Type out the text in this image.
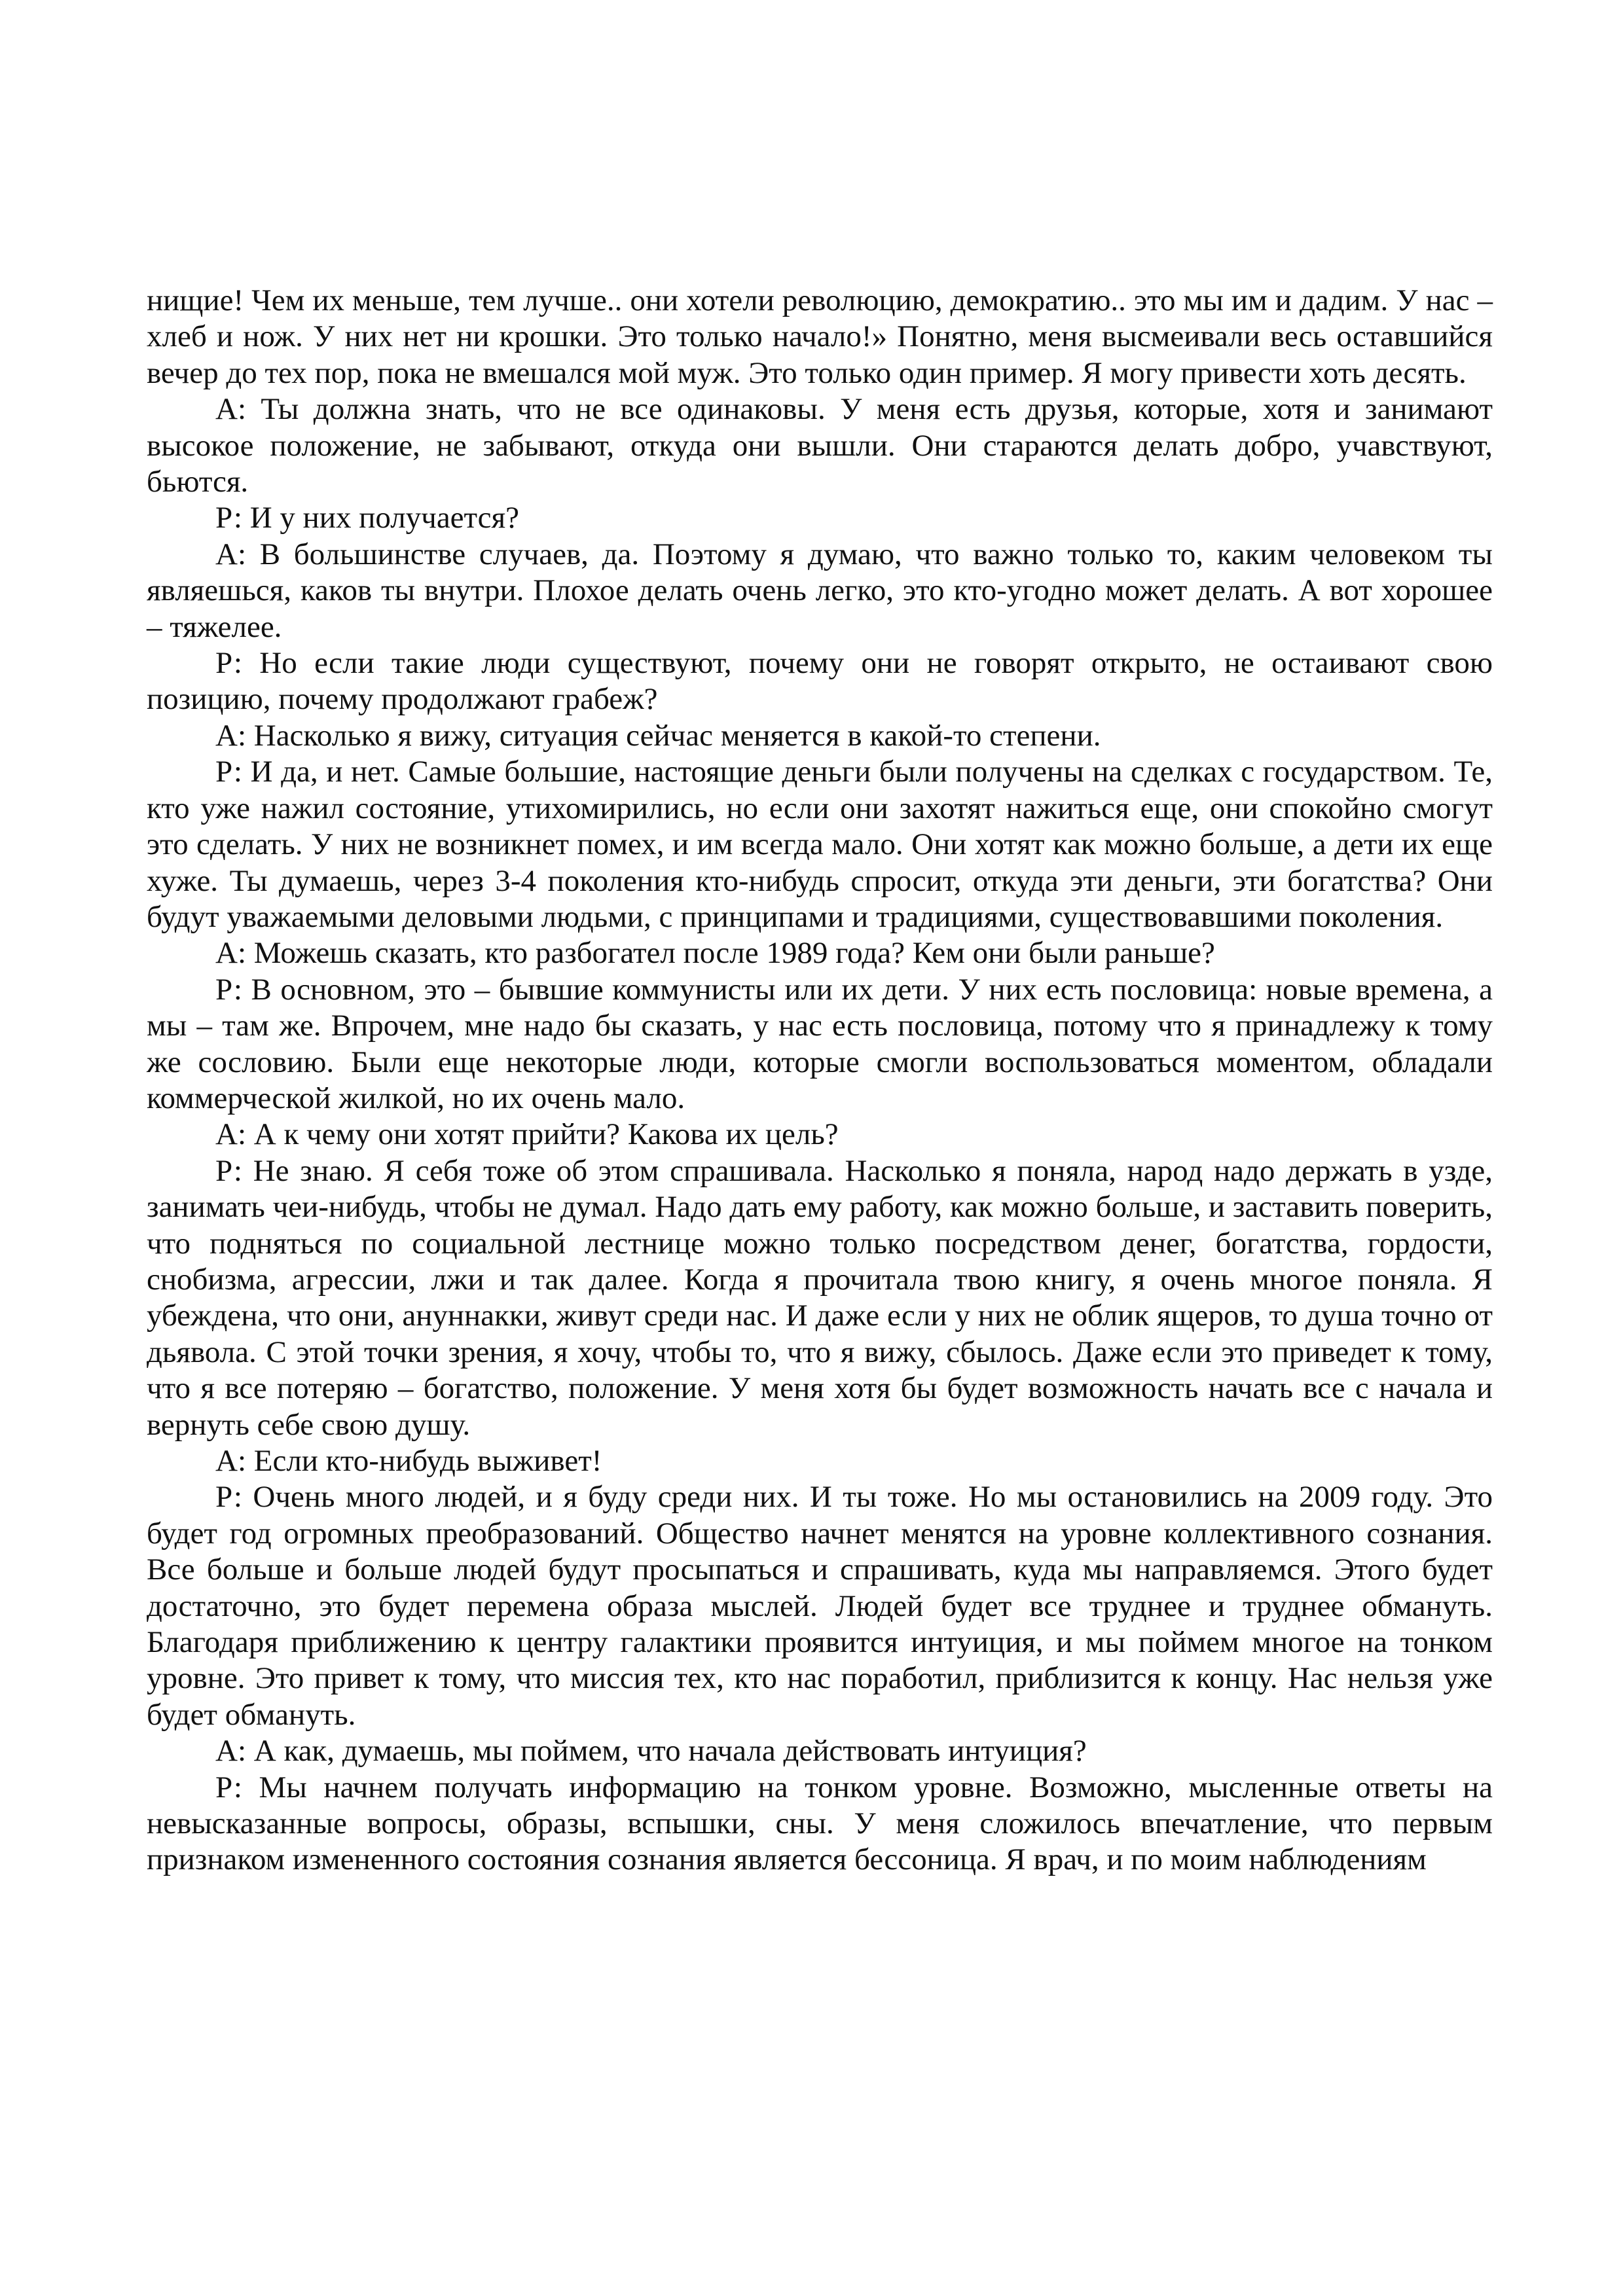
нищие! Чем их меньше, тем лучше.. они хотели революцию, демократию.. это мы им и дадим. У нас – хлеб и нож. У них нет ни крошки. Это только начало!» Понятно, меня высмеивали весь оставшийся вечер до тех пор, пока не вмешался мой муж. Это только один пример. Я могу привести хоть десять.

А: Ты должна знать, что не все одинаковы. У меня есть друзья, которые, хотя и занимают высокое положение, не забывают, откуда они вышли. Они стараются делать добро, учавствуют, бьются.

Р: И у них получается?

А: В большинстве случаев, да. Поэтому я думаю, что важно только то, каким человеком ты являешься, каков ты внутри. Плохое делать очень легко, это кто-угодно может делать. А вот хорошее – тяжелее.

Р: Но если такие люди существуют, почему они не говорят открыто, не остаивают свою позицию, почему продолжают грабеж?

А: Насколько я вижу, ситуация сейчас меняется в какой-то степени.

Р: И да, и нет. Самые большие, настоящие деньги были получены на сделках с государством. Те, кто уже нажил состояние, утихомирились, но если они захотят нажиться еще, они спокойно смогут это сделать. У них не возникнет помех, и им всегда мало. Они хотят как можно больше, а дети их еще хуже. Ты думаешь, через 3-4 поколения кто-нибудь спросит, откуда эти деньги, эти богатства? Они будут уважаемыми деловыми людьми, с принципами и традициями, существовавшими поколения.

А: Можешь сказать, кто разбогател после 1989 года? Кем они были раньше?

Р: В основном, это – бывшие коммунисты или их дети. У них есть пословица: новые времена, а мы – там же. Впрочем, мне надо бы сказать, у нас есть пословица, потому что я принадлежу к тому же сословию. Были еще некоторые люди, которые смогли воспользоваться моментом, обладали коммерческой жилкой, но их очень мало.

А: А к чему они хотят прийти? Какова их цель?

Р: Не знаю. Я себя тоже об этом спрашивала. Насколько я поняла, народ надо держать в узде, занимать чеи-нибудь, чтобы не думал. Надо дать ему работу, как можно больше, и заставить поверить, что подняться по социальной лестнице можно только посредством денег, богатства, гордости, снобизма, агрессии, лжи и так далее. Когда я прочитала твою книгу, я очень многое поняла. Я убеждена, что они, ануннакки, живут среди нас. И даже если у них не облик ящеров, то душа точно от дьявола. С этой точки зрения, я хочу, чтобы то, что я вижу, сбылось. Даже если это приведет к тому, что я все потеряю – богатство, положение. У меня хотя бы будет возможность начать все с начала и вернуть себе свою душу.

А: Если кто-нибудь выживет!

Р: Очень много людей, и я буду среди них. И ты тоже. Но мы остановились на 2009 году. Это будет год огромных преобразований. Общество начнет менятся на уровне коллективного сознания. Все больше и больше людей будут просыпаться и спрашивать, куда мы направляемся. Этого будет достаточно, это будет перемена образа мыслей. Людей будет все труднее и труднее обмануть. Благодаря приближению к центру галактики проявится интуиция, и мы поймем многое на тонком уровне. Это привет к тому, что миссия тех, кто нас поработил, приблизится к концу. Нас нельзя уже будет обмануть.

А: А как, думаешь, мы поймем, что начала действовать интуиция?

Р: Мы начнем получать информацию на тонком уровне. Возможно, мысленные ответы на невысказанные вопросы, образы, вспышки, сны. У меня сложилось впечатление, что первым признаком измененного состояния сознания является бессоница. Я врач, и по моим наблюдениям
